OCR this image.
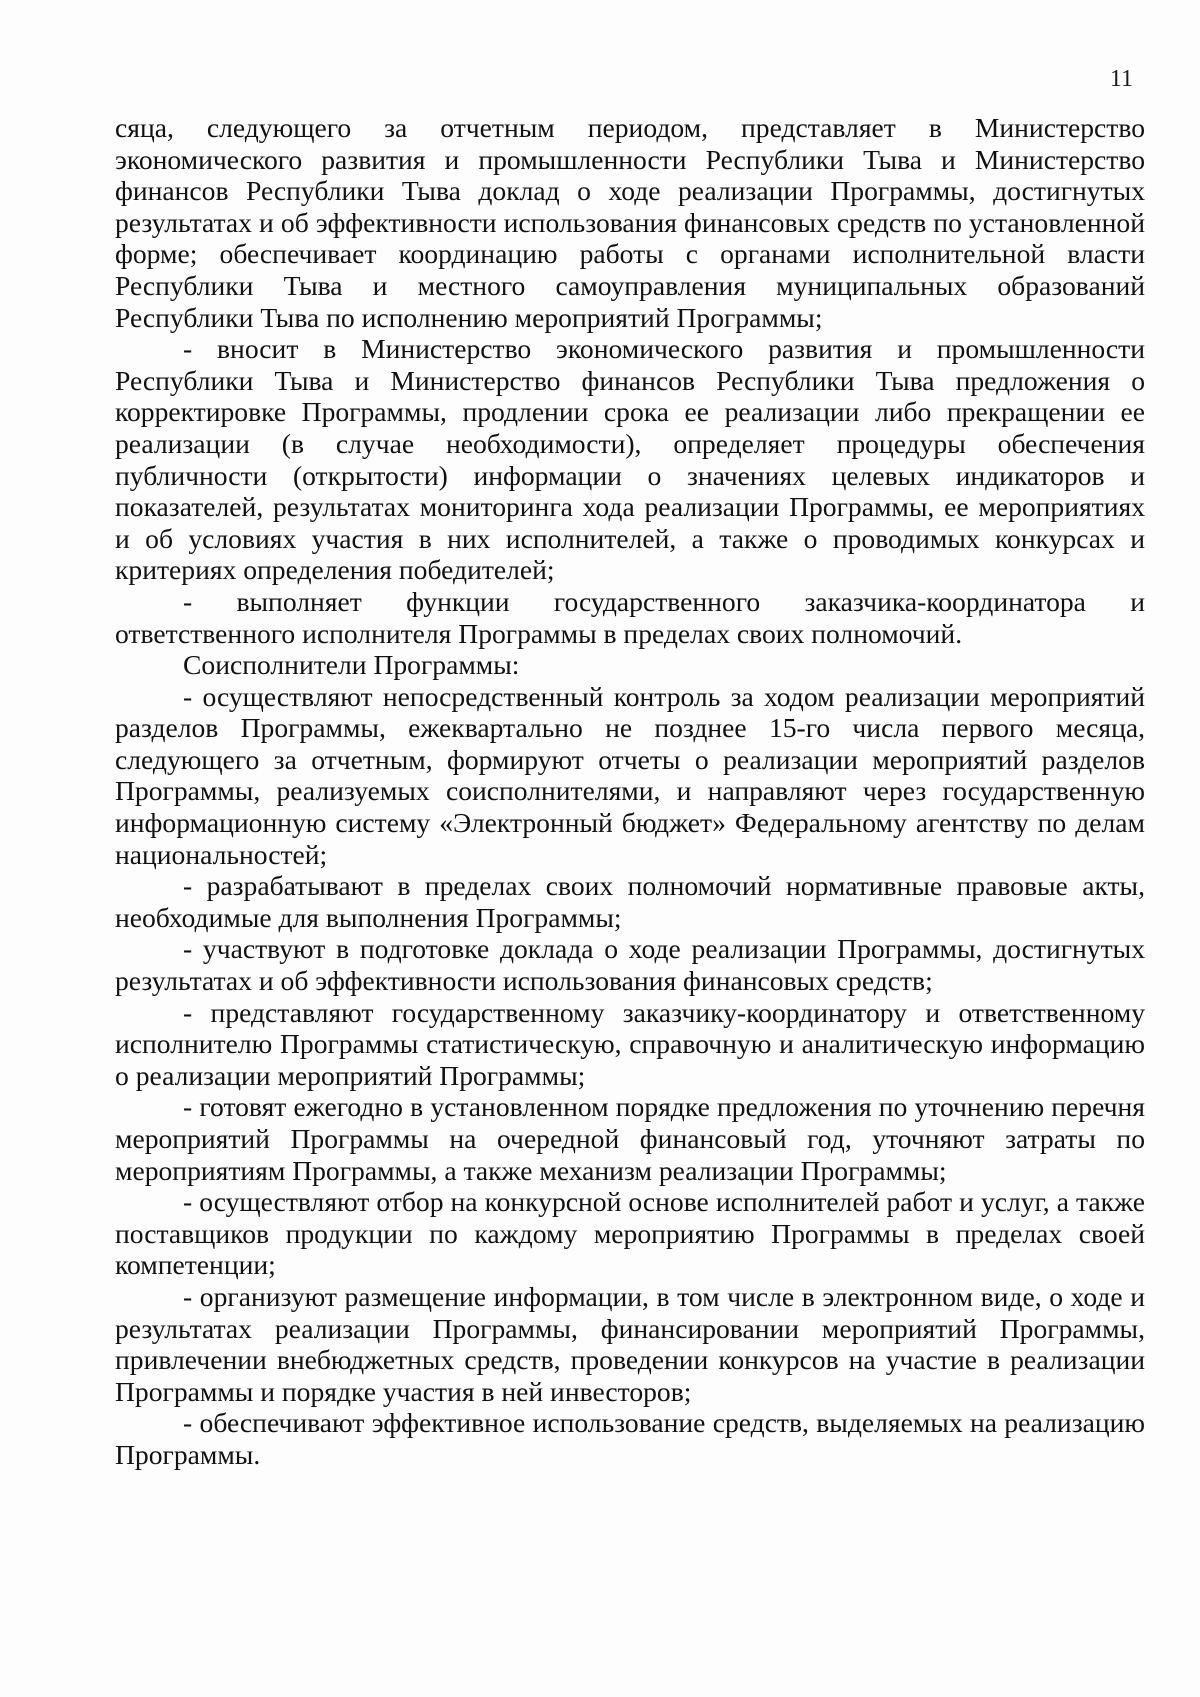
11

сяца, следующего за отчетным периодом, представляет в Министерство экономического развития и промышленности Республики Тыва и Министерство финансов Республики Тыва доклад о ходе реализации Программы, достигнутых результатах и об эффективности использования финансовых средств по установленной форме; обеспечивает координацию работы с органами исполнительной власти Республики Тыва и местного самоуправления муниципальных образований Республики Тыва по исполнению мероприятий Программы;

- вносит в Министерство экономического развития и промышленности Республики Тыва и Министерство финансов Республики Тыва предложения о корректировке Программы, продлении срока ее реализации либо прекращении ее реализации (в случае необходимости), определяет процедуры обеспечения публичности (открытости) информации о значениях целевых индикаторов и показателей, результатах мониторинга хода реализации Программы, ее мероприятиях и об условиях участия в них исполнителей, а также о проводимых конкурсах и критериях определения победителей;

- выполняет функции государственного заказчика-координатора и ответственного исполнителя Программы в пределах своих полномочий.

Соисполнители Программы:

- осуществляют непосредственный контроль за ходом реализации мероприятий разделов Программы, ежеквартально не позднее 15-го числа первого месяца, следующего за отчетным, формируют отчеты о реализации мероприятий разделов Программы, реализуемых соисполнителями, и направляют через государственную информационную систему «Электронный бюджет» Федеральному агентству по делам национальностей;

- разрабатывают в пределах своих полномочий нормативные правовые акты, необходимые для выполнения Программы;

- участвуют в подготовке доклада о ходе реализации Программы, достигнутых результатах и об эффективности использования финансовых средств;

- представляют государственному заказчику-координатору и ответственному исполнителю Программы статистическую, справочную и аналитическую информацию о реализации мероприятий Программы;

- готовят ежегодно в установленном порядке предложения по уточнению перечня мероприятий Программы на очередной финансовый год, уточняют затраты по мероприятиям Программы, а также механизм реализации Программы;

- осуществляют отбор на конкурсной основе исполнителей работ и услуг, а также поставщиков продукции по каждому мероприятию Программы в пределах своей компетенции;

- организуют размещение информации, в том числе в электронном виде, о ходе и результатах реализации Программы, финансировании мероприятий Программы, привлечении внебюджетных средств, проведении конкурсов на участие в реализации Программы и порядке участия в ней инвесторов;

- обеспечивают эффективное использование средств, выделяемых на реализацию Программы.
